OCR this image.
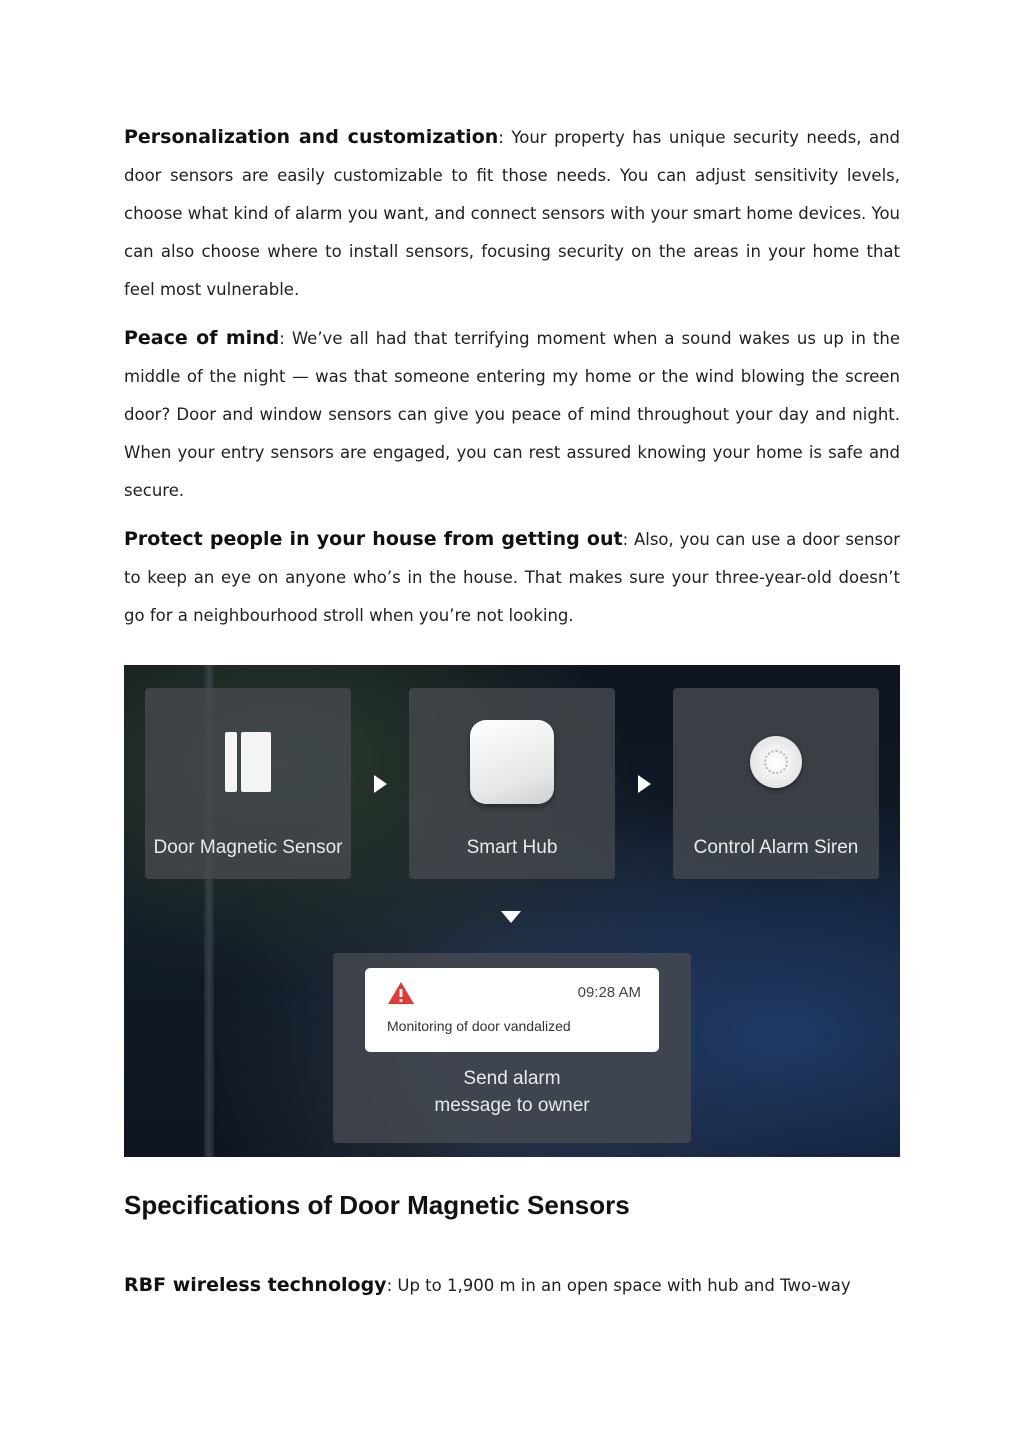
Personalization and customization: Your property has unique security needs, and door sensors are easily customizable to fit those needs. You can adjust sensitivity levels, choose what kind of alarm you want, and connect sensors with your smart home devices. You can also choose where to install sensors, focusing security on the areas in your home that feel most vulnerable.

Peace of mind: We’ve all had that terrifying moment when a sound wakes us up in the middle of the night — was that someone entering my home or the wind blowing the screen door? Door and window sensors can give you peace of mind throughout your day and night. When your entry sensors are engaged, you can rest assured knowing your home is safe and secure.

Protect people in your house from getting out: Also, you can use a door sensor to keep an eye on anyone who’s in the house. That makes sure your three-year-old doesn’t go for a neighbourhood stroll when you’re not looking.

Door Magnetic Sensor	Smart Hub	Control Alarm Siren
09:28 AM
Monitoring of door vandalized
Send alarm
message to owner
Specifications of Door Magnetic Sensors

RBF wireless technology: Up to 1,900 m in an open space with hub and Two-way
